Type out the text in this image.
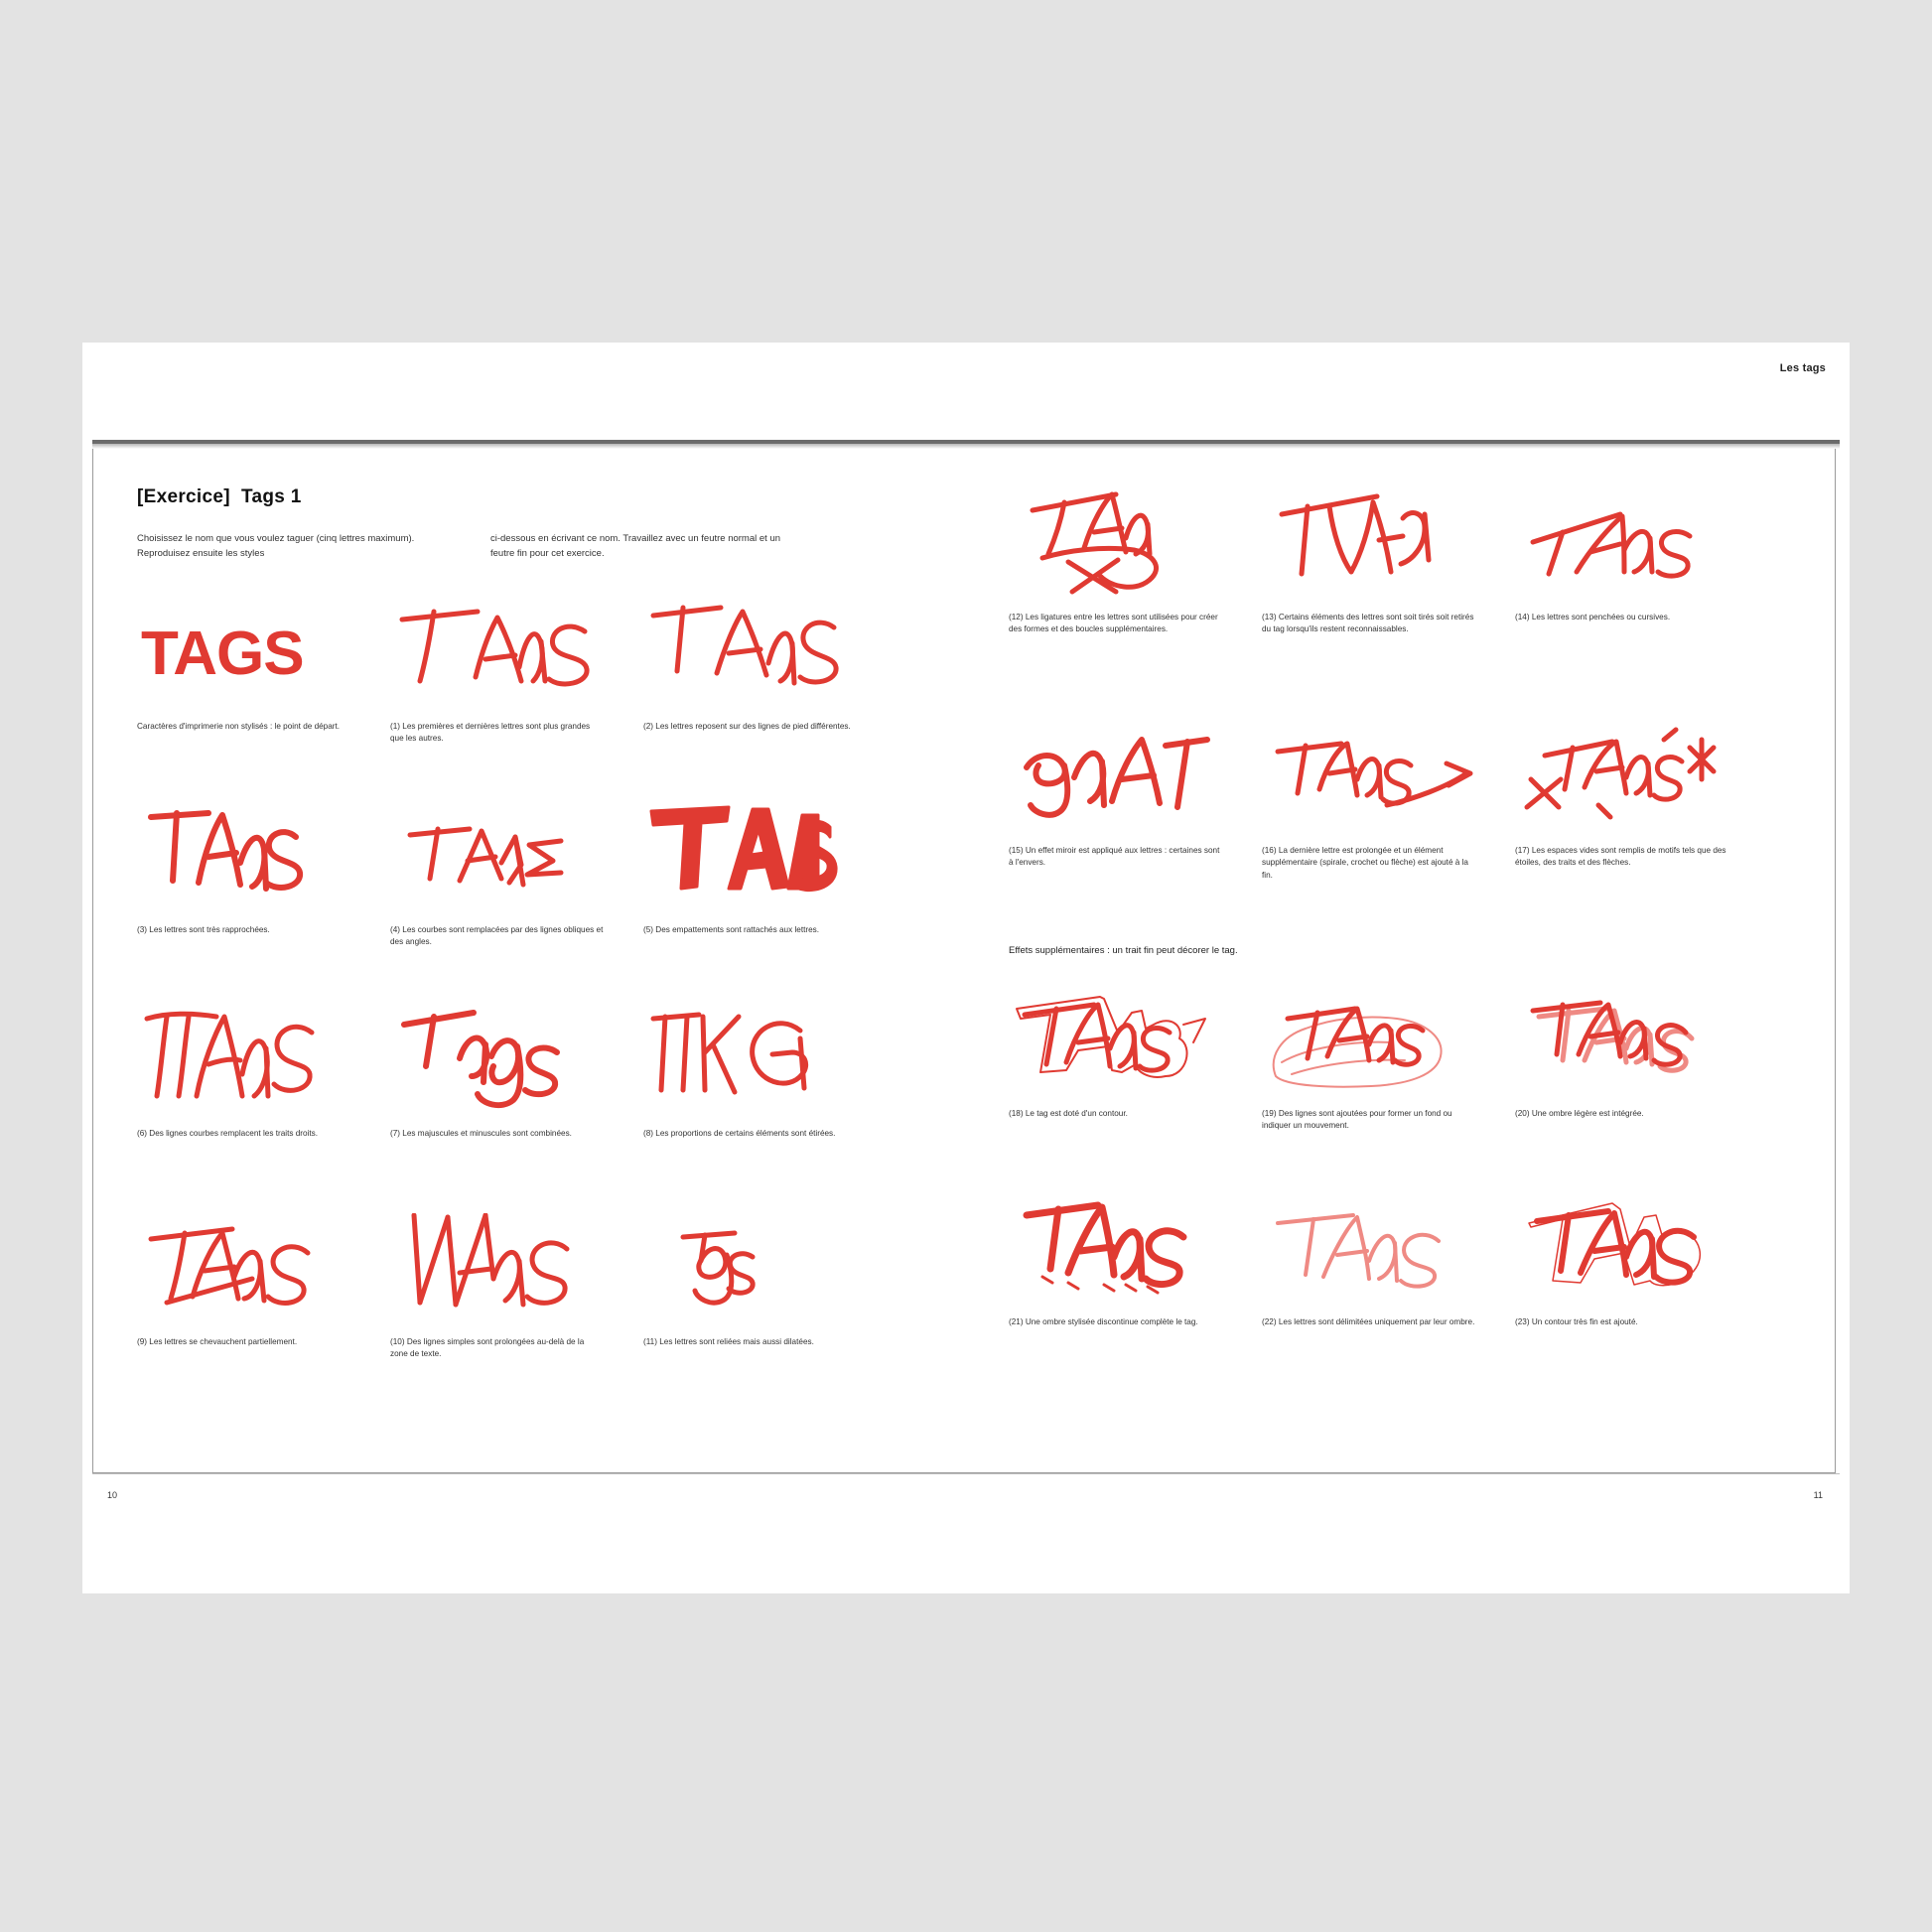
Les tags
[Exercice] Tags 1
Choisissez le nom que vous voulez taguer (cinq lettres maximum). Reproduisez ensuite les styles
ci-dessous en écrivant ce nom. Travaillez avec un feutre normal et un feutre fin pour cet exercice.
TAGS
Caractères d'imprimerie non stylisés : le point de départ.	(1) Les premières et dernières lettres sont plus grandes que les autres.
(2) Les lettres reposent sur des lignes de pied différentes.
(3) Les lettres sont très rapprochées.	(4) Les courbes sont remplacées par des lignes obliques et des angles.
(5) Des empattements sont rattachés aux lettres.
(6) Des lignes courbes remplacent les traits droits.	(7) Les majuscules et minuscules sont combinées.	(8) Les proportions de certains éléments sont étirées.
(9) Les lettres se chevauchent partiellement.	(10) Des lignes simples sont prolongées au-delà de la zone de texte.
(11) Les lettres sont reliées mais aussi dilatées.
10
(12) Les ligatures entre les lettres sont utilisées pour créer des formes et des boucles supplémentaires.
(13) Certains éléments des lettres sont soit tirés soit retirés du tag lorsqu'ils restent reconnaissables.
(14) Les lettres sont penchées ou cursives.
(15) Un effet miroir est appliqué aux lettres : certaines sont à l'envers.
(16) La dernière lettre est prolongée et un élément supplémentaire (spirale, crochet ou flèche) est ajouté à la fin.
(17) Les espaces vides sont remplis de motifs tels que des étoiles, des traits et des flèches.
Effets supplémentaires : un trait fin peut décorer le tag.
(18) Le tag est doté d'un contour.	(19) Des lignes sont ajoutées pour former un fond ou indiquer un mouvement.
(20) Une ombre légère est intégrée.
(21) Une ombre stylisée discontinue complète le tag.	(22) Les lettres sont délimitées uniquement par leur ombre.	(23) Un contour très fin est ajouté.
11
